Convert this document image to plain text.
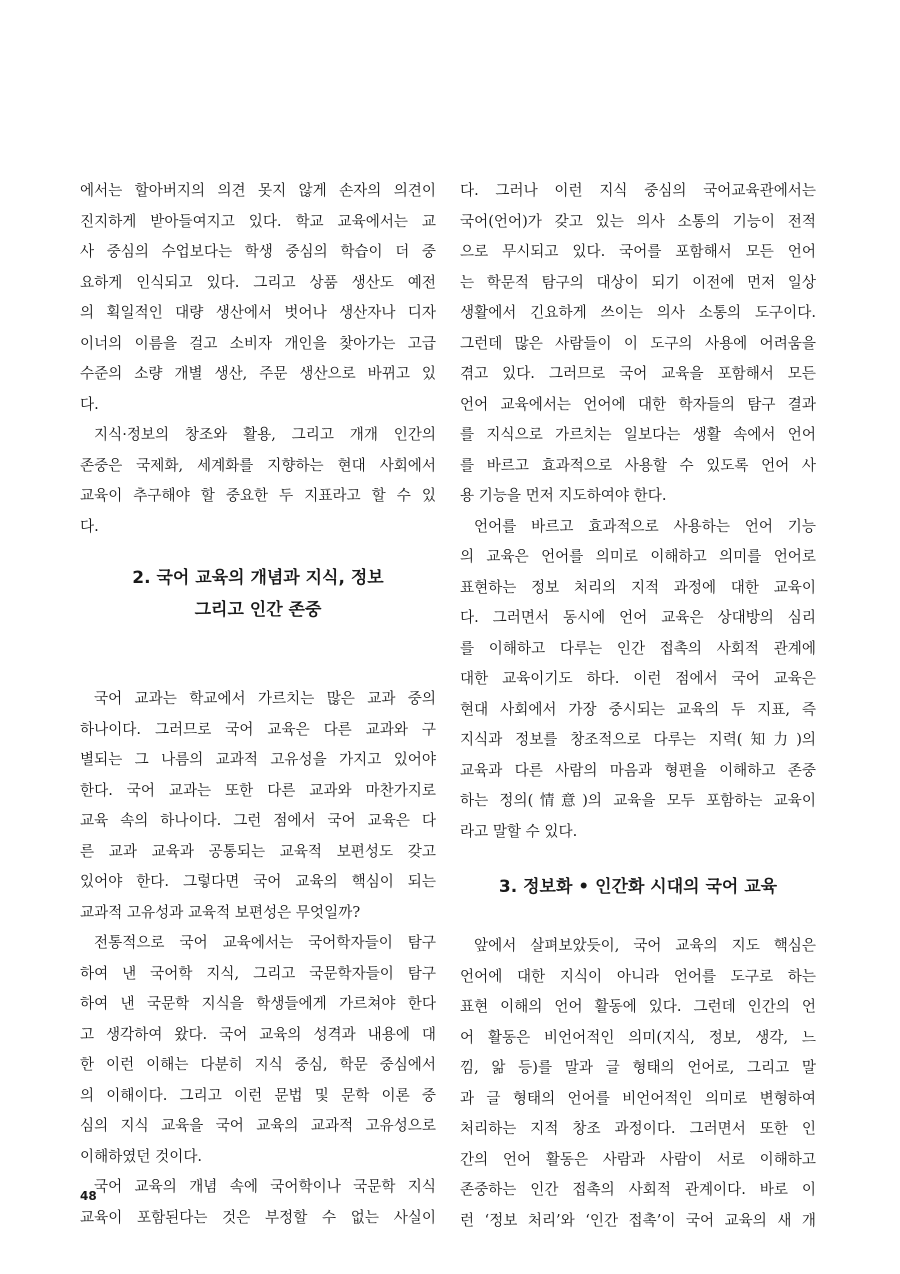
에서는 할아버지의 의견 못지 않게 손자의 의견이
진지하게 받아들여지고 있다. 학교 교육에서는 교
사 중심의 수업보다는 학생 중심의 학습이 더 중
요하게 인식되고 있다. 그리고 상품 생산도 예전
의 획일적인 대량 생산에서 벗어나 생산자나 디자
이너의 이름을 걸고 소비자 개인을 찾아가는 고급
수준의 소량 개별 생산, 주문 생산으로 바뀌고 있
다.
지식·정보의 창조와 활용, 그리고 개개 인간의
존중은 국제화, 세계화를 지향하는 현대 사회에서
교육이 추구해야 할 중요한 두 지표라고 할 수 있
다.
2. 국어 교육의 개념과 지식, 정보
그리고 인간 존중
국어 교과는 학교에서 가르치는 많은 교과 중의
하나이다. 그러므로 국어 교육은 다른 교과와 구
별되는 그 나름의 교과적 고유성을 가지고 있어야
한다. 국어 교과는 또한 다른 교과와 마찬가지로
교육 속의 하나이다. 그런 점에서 국어 교육은 다
른 교과 교육과 공통되는 교육적 보편성도 갖고
있어야 한다. 그렇다면 국어 교육의 핵심이 되는
교과적 고유성과 교육적 보편성은 무엇일까?
전통적으로 국어 교육에서는 국어학자들이 탐구
하여 낸 국어학 지식, 그리고 국문학자들이 탐구
하여 낸 국문학 지식을 학생들에게 가르쳐야 한다
고 생각하여 왔다. 국어 교육의 성격과 내용에 대
한 이런 이해는 다분히 지식 중심, 학문 중심에서
의 이해이다. 그리고 이런 문법 및 문학 이론 중
심의 지식 교육을 국어 교육의 교과적 고유성으로
이해하였던 것이다.
국어 교육의 개념 속에 국어학이나 국문학 지식
교육이 포함된다는 것은 부정할 수 없는 사실이
다. 그러나 이런 지식 중심의 국어교육관에서는
국어(언어)가 갖고 있는 의사 소통의 기능이 전적
으로 무시되고 있다. 국어를 포함해서 모든 언어
는 학문적 탐구의 대상이 되기 이전에 먼저 일상
생활에서 긴요하게 쓰이는 의사 소통의 도구이다.
그런데 많은 사람들이 이 도구의 사용에 어려움을
겪고 있다. 그러므로 국어 교육을 포함해서 모든
언어 교육에서는 언어에 대한 학자들의 탐구 결과
를 지식으로 가르치는 일보다는 생활 속에서 언어
를 바르고 효과적으로 사용할 수 있도록 언어 사
용 기능을 먼저 지도하여야 한다.
언어를 바르고 효과적으로 사용하는 언어 기능
의 교육은 언어를 의미로 이해하고 의미를 언어로
표현하는 정보 처리의 지적 과정에 대한 교육이
다. 그러면서 동시에 언어 교육은 상대방의 심리
를 이해하고 다루는 인간 접촉의 사회적 관계에
대한 교육이기도 하다. 이런 점에서 국어 교육은
현대 사회에서 가장 중시되는 교육의 두 지표, 즉
지식과 정보를 창조적으로 다루는 지력(知力)의
교육과 다른 사람의 마음과 형편을 이해하고 존중
하는 정의(情意)의 교육을 모두 포함하는 교육이
라고 말할 수 있다.
3. 정보화 • 인간화 시대의 국어 교육
앞에서 살펴보았듯이, 국어 교육의 지도 핵심은
언어에 대한 지식이 아니라 언어를 도구로 하는
표현 이해의 언어 활동에 있다. 그런데 인간의 언
어 활동은 비언어적인 의미(지식, 정보, 생각, 느
낌, 앎 등)를 말과 글 형태의 언어로, 그리고 말
과 글 형태의 언어를 비언어적인 의미로 변형하여
처리하는 지적 창조 과정이다. 그러면서 또한 인
간의 언어 활동은 사람과 사람이 서로 이해하고
존중하는 인간 접촉의 사회적 관계이다. 바로 이
런 ‘정보 처리’와 ‘인간 접촉’이 국어 교육의 새 개
48
